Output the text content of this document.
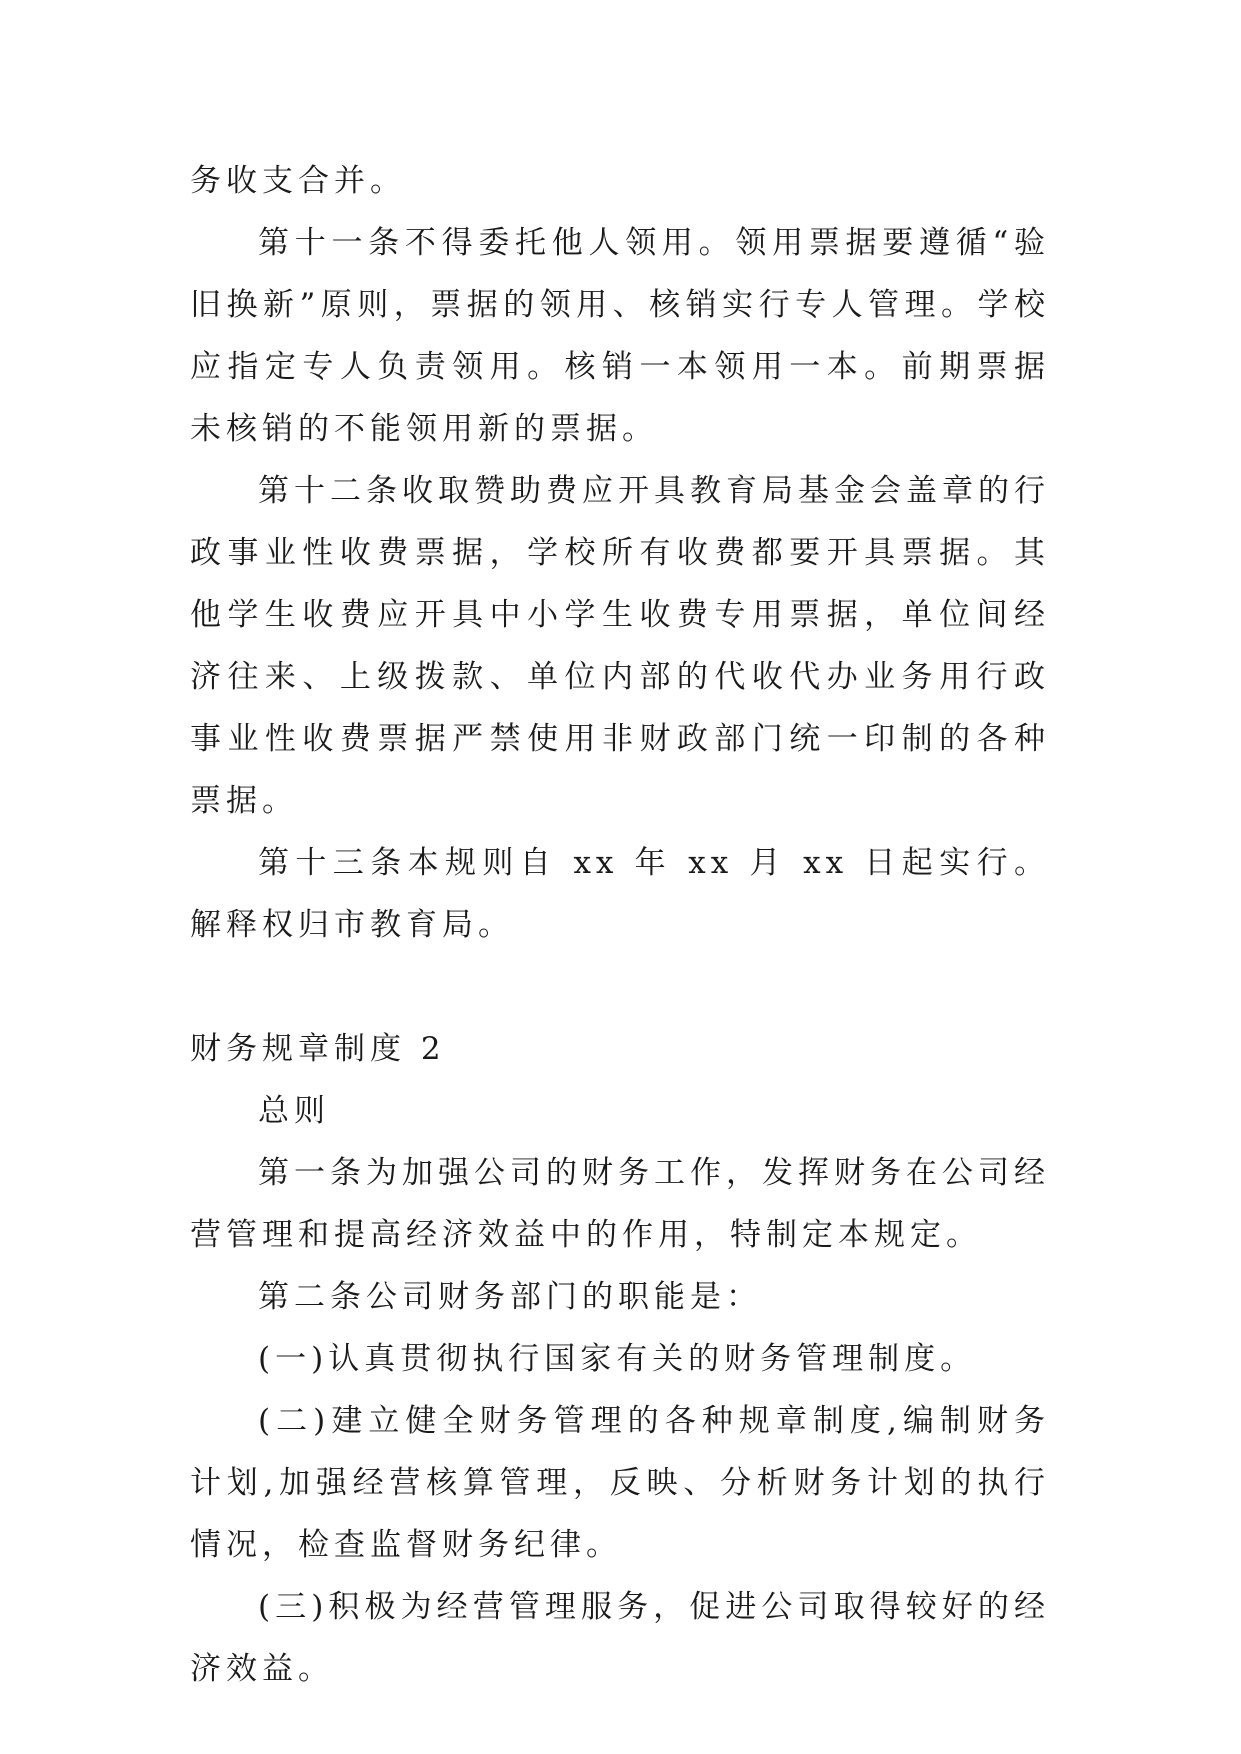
务收支合并。

第十一条不得委托他人领用。领用票据要遵循“验旧换新”原则，票据的领用、核销实行专人管理。学校应指定专人负责领用。核销一本领用一本。前期票据未核销的不能领用新的票据。

第十二条收取赞助费应开具教育局基金会盖章的行政事业性收费票据，学校所有收费都要开具票据。其他学生收费应开具中小学生收费专用票据，单位间经济往来、上级拨款、单位内部的代收代办业务用行政事业性收费票据严禁使用非财政部门统一印制的各种票据。

第十三条本规则自 xx 年 xx 月 xx 日起实行。解释权归市教育局。

财务规章制度 2

总则

第一条为加强公司的财务工作，发挥财务在公司经营管理和提高经济效益中的作用，特制定本规定。

第二条公司财务部门的职能是：

(一)认真贯彻执行国家有关的财务管理制度。

(二)建立健全财务管理的各种规章制度,编制财务计划,加强经营核算管理，反映、分析财务计划的执行情况，检查监督财务纪律。

(三)积极为经营管理服务，促进公司取得较好的经济效益。
